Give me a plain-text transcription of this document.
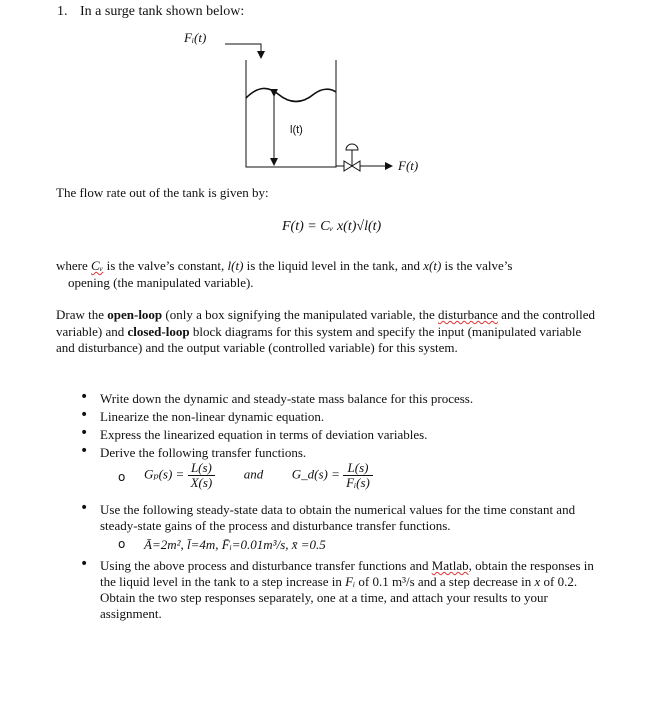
1. In a surge tank shown below:
Fᵢ(t)
l(t)
F(t)
The flow rate out of the tank is given by:
F(t) = Cᵥ x(t)√l(t)
where Cᵥ is the valve’s constant, l(t) is the liquid level in the tank, and x(t) is the valve’s
opening (the manipulated variable).
Draw the open-loop (only a box signifying the manipulated variable, the disturbance and the controlled variable) and closed-loop block diagrams for this system and specify the input (manipulated variable and disturbance) and the output variable (controlled variable) for this system.
• Write down the dynamic and steady-state mass balance for this process.
• Linearize the non-linear dynamic equation.
• Express the linearized equation in terms of deviation variables.
• Derive the following transfer functions.
o $G_p(s) = \frac{L(s)}{X(s)}$ and G_d(s) = $\frac{L(s)}{\text{Fᵢ(s)}}$
• Use the following steady-state data to obtain the numerical values for the time constant and steady-state gains of the process and disturbance transfer functions.
o Ā=2m², l̄=4m, F̄ᵢ=0.01m³/s, x̄ =0.5
• Using the above process and disturbance transfer functions and Matlab, obtain the responses in the liquid level in the tank to a step increase in Fᵢ of 0.1 m³/s and a step decrease in x of 0.2. Obtain the two step responses separately, one at a time, and attach your results to your assignment.
